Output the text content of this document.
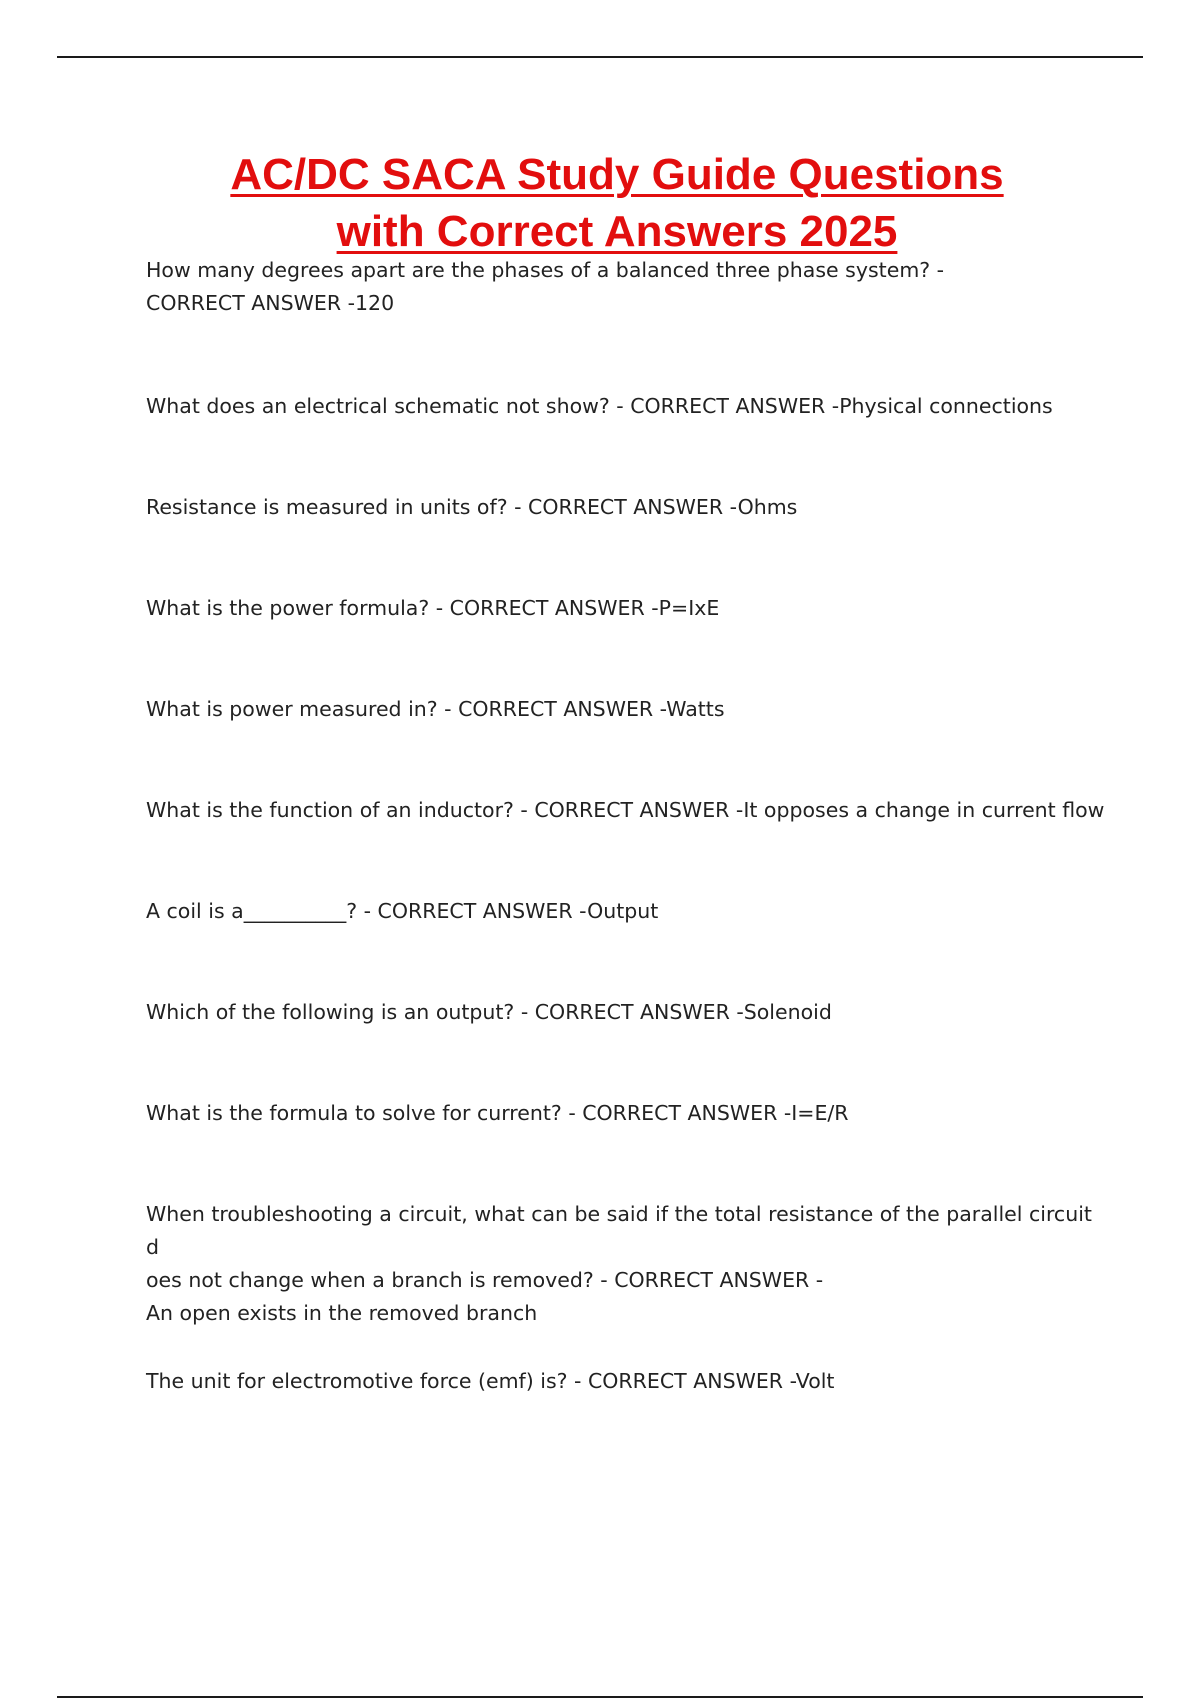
AC/DC SACA Study Guide Questions
with Correct Answers 2025

How many degrees apart are the phases of a balanced three phase system? -
CORRECT ANSWER -120

What does an electrical schematic not show? - CORRECT ANSWER -Physical connections

Resistance is measured in units of? - CORRECT ANSWER -Ohms

What is the power formula? - CORRECT ANSWER -P=IxE

What is power measured in? - CORRECT ANSWER -Watts

What is the function of an inductor? - CORRECT ANSWER -It opposes a change in current flow

A coil is a__________? - CORRECT ANSWER -Output

Which of the following is an output? - CORRECT ANSWER -Solenoid

What is the formula to solve for current? - CORRECT ANSWER -I=E/R

When troubleshooting a circuit, what can be said if the total resistance of the parallel circuit d
oes not change when a branch is removed? - CORRECT ANSWER -
An open exists in the removed branch

The unit for electromotive force (emf) is? - CORRECT ANSWER -Volt
